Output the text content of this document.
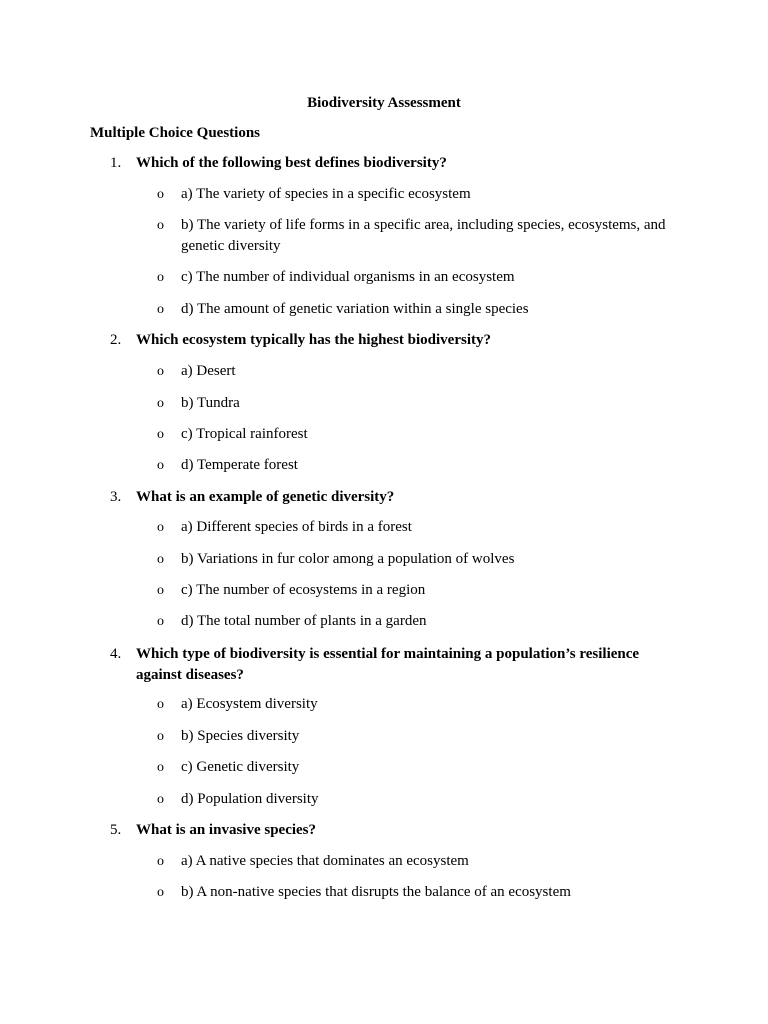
Biodiversity Assessment
Multiple Choice Questions
1. Which of the following best defines biodiversity?
o a) The variety of species in a specific ecosystem
o b) The variety of life forms in a specific area, including species, ecosystems, and genetic diversity
o c) The number of individual organisms in an ecosystem
o d) The amount of genetic variation within a single species
2. Which ecosystem typically has the highest biodiversity?
o a) Desert
o b) Tundra
o c) Tropical rainforest
o d) Temperate forest
3. What is an example of genetic diversity?
o a) Different species of birds in a forest
o b) Variations in fur color among a population of wolves
o c) The number of ecosystems in a region
o d) The total number of plants in a garden
4. Which type of biodiversity is essential for maintaining a population’s resilience against diseases?
o a) Ecosystem diversity
o b) Species diversity
o c) Genetic diversity
o d) Population diversity
5. What is an invasive species?
o a) A native species that dominates an ecosystem
o b) A non-native species that disrupts the balance of an ecosystem
